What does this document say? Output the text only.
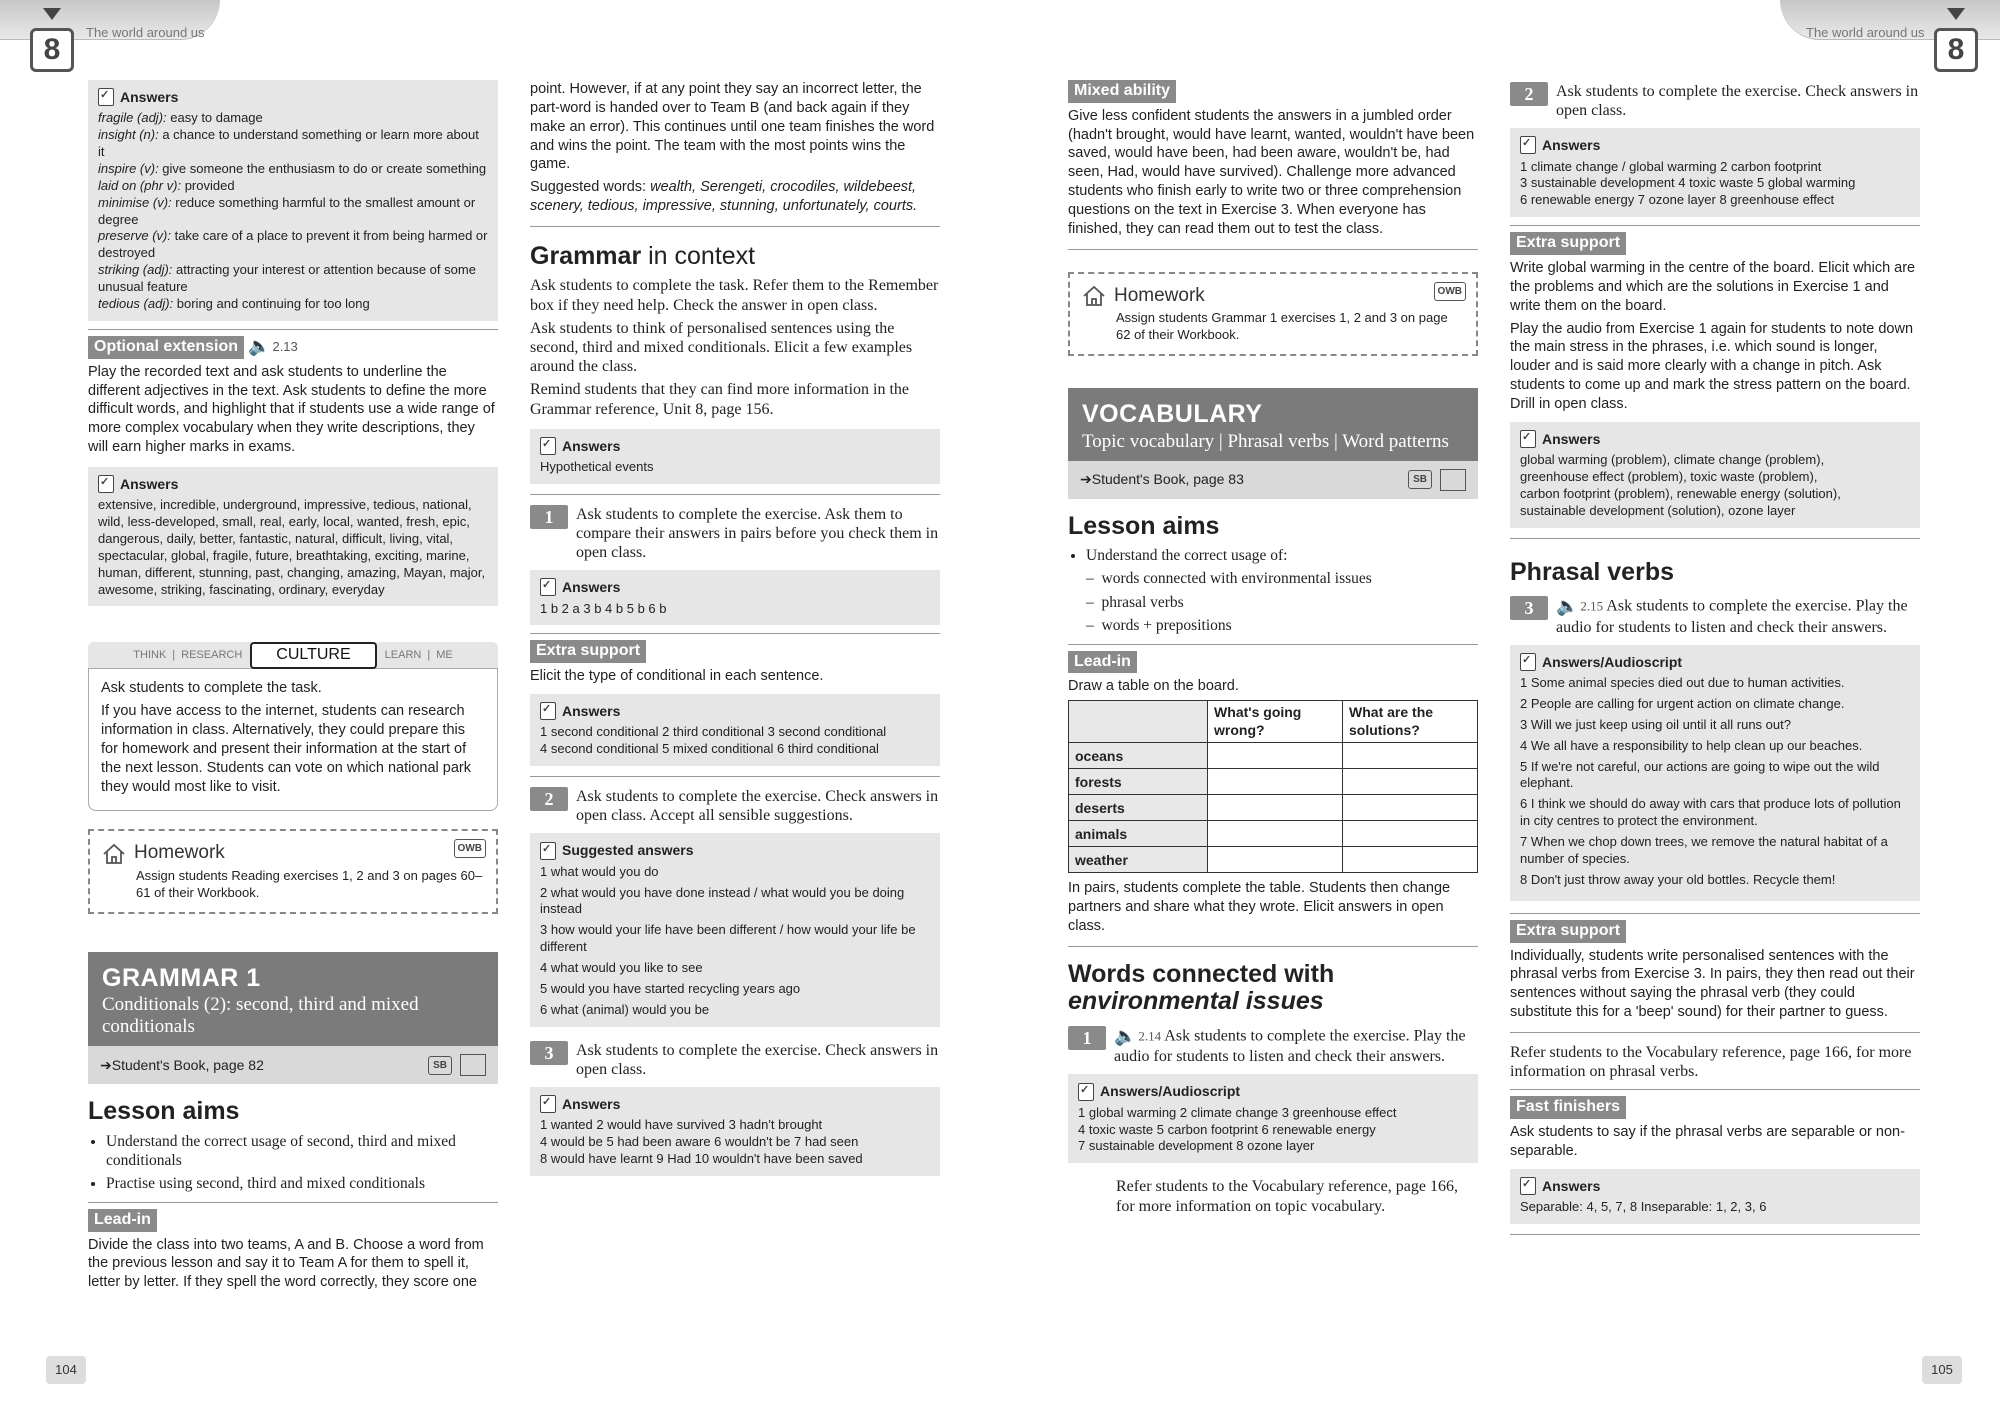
8	8
The world around us	The world around us
✓
Answers
fragile (adj): easy to damage
insight (n): a chance to understand something or learn more about it
inspire (v): give someone the enthusiasm to do or create something
laid on (phr v): provided
minimise (v): reduce something harmful to the smallest amount or degree
preserve (v): take care of a place to prevent it from being harmed or destroyed
striking (adj): attracting your interest or attention because of some unusual feature
tedious (adj): boring and continuing for too long
Optional extension 🔈 2.13

Play the recorded text and ask students to underline the different adjectives in the text. Ask students to define the more difficult words, and highlight that if students use a wide range of more complex vocabulary when they write descriptions, they will earn higher marks in exams.

✓
Answers
extensive, incredible, underground, impressive, tedious, national, wild, less-developed, small, real, early, local, wanted, fresh, epic, dangerous, daily, better, fantastic, natural, difficult, living, vital, spectacular, global, fragile, future, breathtaking, exciting, marine, human, different, stunning, past, changing, amazing, Mayan, major, awesome, striking, fascinating, ordinary, everyday
THINK | RESEARCH	CULTURE	LEARN | ME

Ask students to complete the task.

If you have access to the internet, students can research information in class. Alternatively, they could prepare this for homework and present their information at the start of the next lesson. Students can vote on which national park they would most like to visit.

Homework
Assign students Reading exercises 1, 2 and 3 on pages 60–61 of their Workbook.
OWB
GRAMMAR 1
Conditionals (2): second, third and mixed conditionals
➔Student's Book, page 82	SB
Lesson aims
• Understand the correct usage of second, third and mixed conditionals
• Practise using second, third and mixed conditionals
Lead-in

Divide the class into two teams, A and B. Choose a word from the previous lesson and say it to Team A for them to spell it, letter by letter. If they spell the word correctly, they score one

point. However, if at any point they say an incorrect letter, the part-word is handed over to Team B (and back again if they make an error). This continues until one team finishes the word and wins the point. The team with the most points wins the game.

Suggested words: wealth, Serengeti, crocodiles, wildebeest, scenery, tedious, impressive, stunning, unfortunately, courts.

Grammar in context

Ask students to complete the task. Refer them to the Remember box if they need help. Check the answer in open class.

Ask students to think of personalised sentences using the second, third and mixed conditionals. Elicit a few examples around the class.

Remind students that they can find more information in the Grammar reference, Unit 8, page 156.

✓
Answers
Hypothetical events
1	Ask students to complete the exercise. Ask them to compare their answers in pairs before you check them in open class.
✓
Answers
1 b 2 a 3 b 4 b 5 b 6 b
Extra support

Elicit the type of conditional in each sentence.

✓
Answers
1 second conditional 2 third conditional 3 second conditional
4 second conditional 5 mixed conditional 6 third conditional
2	Ask students to complete the exercise. Check answers in open class. Accept all sensible suggestions.
✓
Suggested answers
1 what would you do
2 what would you have done instead / what would you be doing instead
3 how would your life have been different / how would your life be different
4 what would you like to see
5 would you have started recycling years ago
6 what (animal) would you be
3	Ask students to complete the exercise. Check answers in open class.
✓
Answers
1 wanted 2 would have survived 3 hadn't brought
4 would be 5 had been aware 6 wouldn't be 7 had seen
8 would have learnt 9 Had 10 wouldn't have been saved
Mixed ability

Give less confident students the answers in a jumbled order (hadn't brought, would have learnt, wanted, wouldn't have been saved, would have been, had been aware, wouldn't be, had seen, Had, would have survived). Challenge more advanced students who finish early to write two or three comprehension questions on the text in Exercise 3. When everyone has finished, they can read them out to test the class.

Homework
Assign students Grammar 1 exercises 1, 2 and 3 on page 62 of their Workbook.
OWB
VOCABULARY
Topic vocabulary | Phrasal verbs | Word patterns
➔Student's Book, page 83	SB
Lesson aims
• Understand the correct usage of:
–  words connected with environmental issues
–  phrasal verbs
–  words + prepositions
Lead-in

Draw a table on the board.

	What's going wrong?	What are the solutions?
oceans		
forests		
deserts		
animals		
weather		

In pairs, students complete the table. Students then change partners and share what they wrote. Elicit answers in open class.

Words connected with
environmental issues
1	🔈 2.14 Ask students to complete the exercise. Play the audio for students to listen and check their answers.
✓
Answers/Audioscript
1 global warming 2 climate change 3 greenhouse effect
4 toxic waste 5 carbon footprint 6 renewable energy
7 sustainable development 8 ozone layer

Refer students to the Vocabulary reference, page 166, for more information on topic vocabulary.

2	Ask students to complete the exercise. Check answers in open class.
✓
Answers
1 climate change / global warming 2 carbon footprint
3 sustainable development 4 toxic waste 5 global warming
6 renewable energy 7 ozone layer 8 greenhouse effect
Extra support

Write global warming in the centre of the board. Elicit which are the problems and which are the solutions in Exercise 1 and write them on the board.

Play the audio from Exercise 1 again for students to note down the main stress in the phrases, i.e. which sound is longer, louder and is said more clearly with a change in pitch. Ask students to come up and mark the stress pattern on the board. Drill in open class.

✓
Answers
global warming (problem), climate change (problem),
greenhouse effect (problem), toxic waste (problem),
carbon footprint (problem), renewable energy (solution),
sustainable development (solution), ozone layer
Phrasal verbs
3	🔈 2.15 Ask students to complete the exercise. Play the audio for students to listen and check their answers.
✓
Answers/Audioscript
1 Some animal species died out due to human activities.
2 People are calling for urgent action on climate change.
3 Will we just keep using oil until it all runs out?
4 We all have a responsibility to help clean up our beaches.
5 If we're not careful, our actions are going to wipe out the wild elephant.
6 I think we should do away with cars that produce lots of pollution in city centres to protect the environment.
7 When we chop down trees, we remove the natural habitat of a number of species.
8 Don't just throw away your old bottles. Recycle them!
Extra support

Individually, students write personalised sentences with the phrasal verbs from Exercise 3. In pairs, they then read out their sentences without saying the phrasal verb (they could substitute this for a 'beep' sound) for their partner to guess.

Refer students to the Vocabulary reference, page 166, for more information on phrasal verbs.

Fast finishers

Ask students to say if the phrasal verbs are separable or non-separable.

✓
Answers
Separable: 4, 5, 7, 8 Inseparable: 1, 2, 3, 6
104	105
